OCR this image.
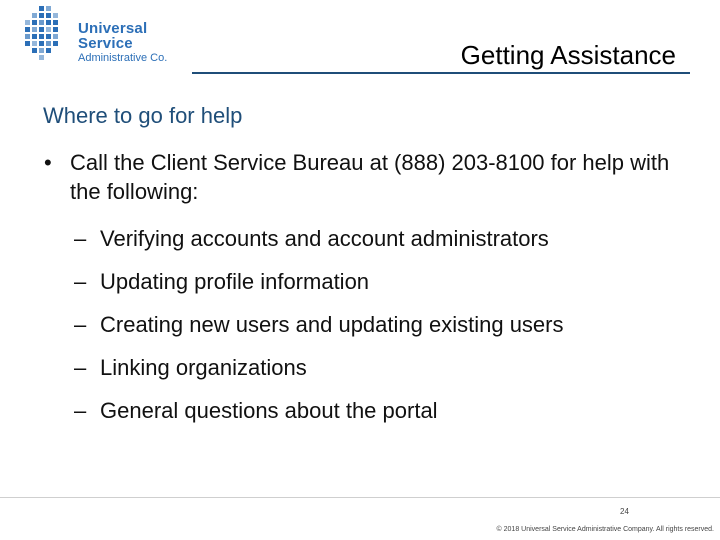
Universal Service
Administrative Co.	Getting Assistance
Where to go for help
• Call the Client Service Bureau at (888) 203-8100 for help with the following:
– Verifying accounts and account administrators
– Updating profile information
– Creating new users and updating existing users
– Linking organizations
– General questions about the portal
24
© 2018 Universal Service Administrative Company. All rights reserved.
